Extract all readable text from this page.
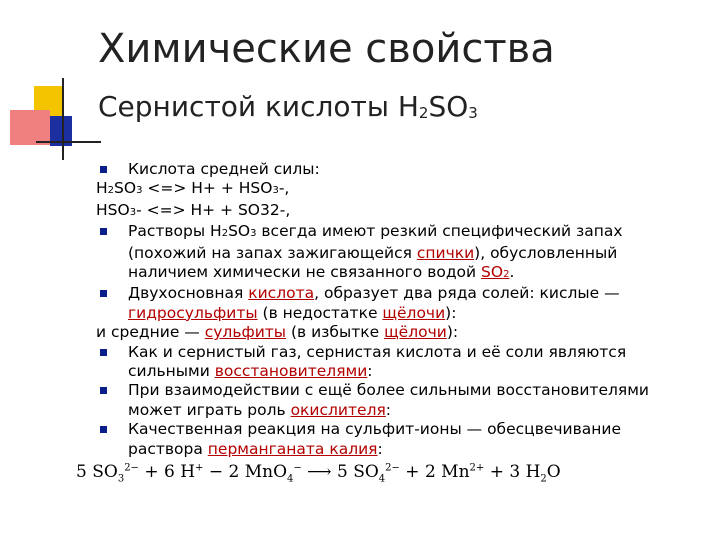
Химические свойства
Сернистой кислоты $H_2SO_3$
Кислота средней силы:
H2SO3 <=> H+ + HSO3-,
HSO3- <=> H+ + SO32-,
Растворы H2SO3 всегда имеют резкий специфический запах
(похожий на запах зажигающейся спички), обусловленный
наличием химически не связанного водой SO2.
Двухосновная кислота, образует два ряда солей: кислые —
гидросульфиты (в недостатке щёлочи):
и средние — сульфиты (в избытке щёлочи):
Как и сернистый газ, сернистая кислота и её соли являются
сильными восстановителями:
При взаимодействии с ещё более сильными восстановителями
может играть роль окислителя:
Качественная реакция на сульфит-ионы — обесцвечивание
раствора перманганата калия:
5 $SO_3^{2-} + 6$ H+ − 2 MnO$_4$− ⟶ 5 $SO_4^{2-} + 2$ $Mn^{2+} + 3$ $H_2O$
